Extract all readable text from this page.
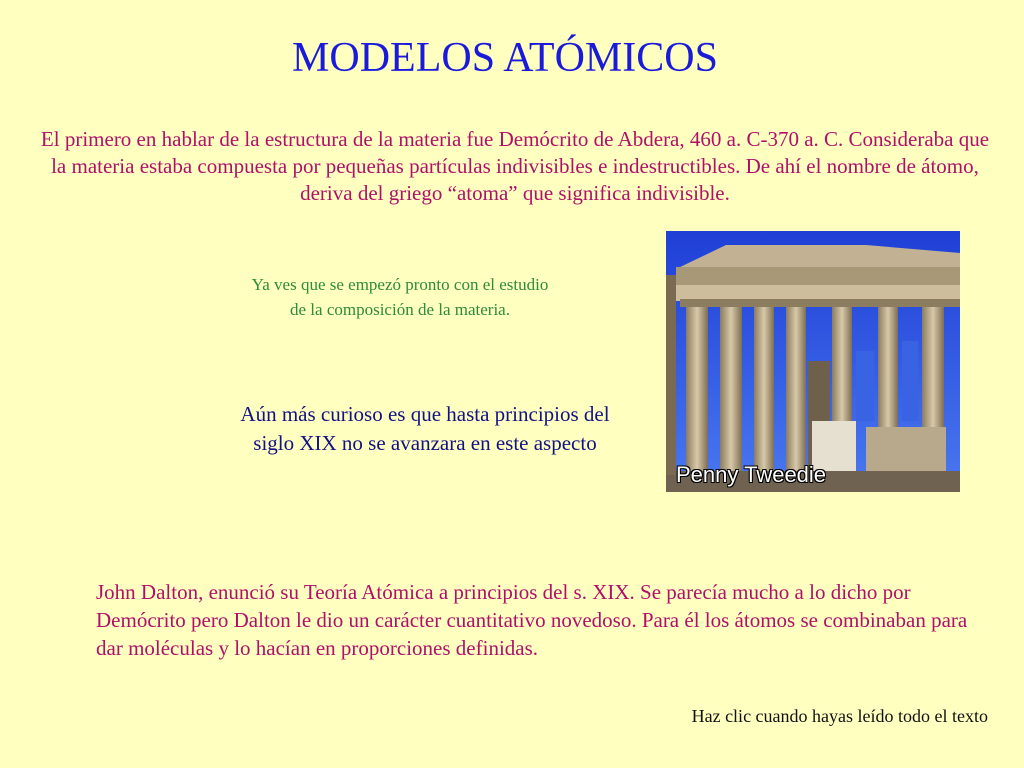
MODELOS ATÓMICOS
El primero en hablar de la estructura de la materia fue Demócrito de Abdera, 460 a. C-370 a. C. Consideraba que la materia estaba compuesta por pequeñas partículas indivisibles e indestructibles. De ahí el nombre de átomo, deriva del griego “atoma” que significa indivisible.
Ya ves que se empezó pronto con el estudio
de la composición de la materia.
Aún más curioso es que hasta principios del
siglo XIX no se avanzara en este aspecto
Penny Tweedie
John Dalton, enunció su Teoría Atómica a principios del s. XIX. Se parecía mucho a lo dicho por Demócrito pero Dalton le dio un carácter cuantitativo novedoso. Para él los átomos se combinaban para dar moléculas y lo hacían en proporciones definidas.
Haz clic cuando hayas leído todo el texto
